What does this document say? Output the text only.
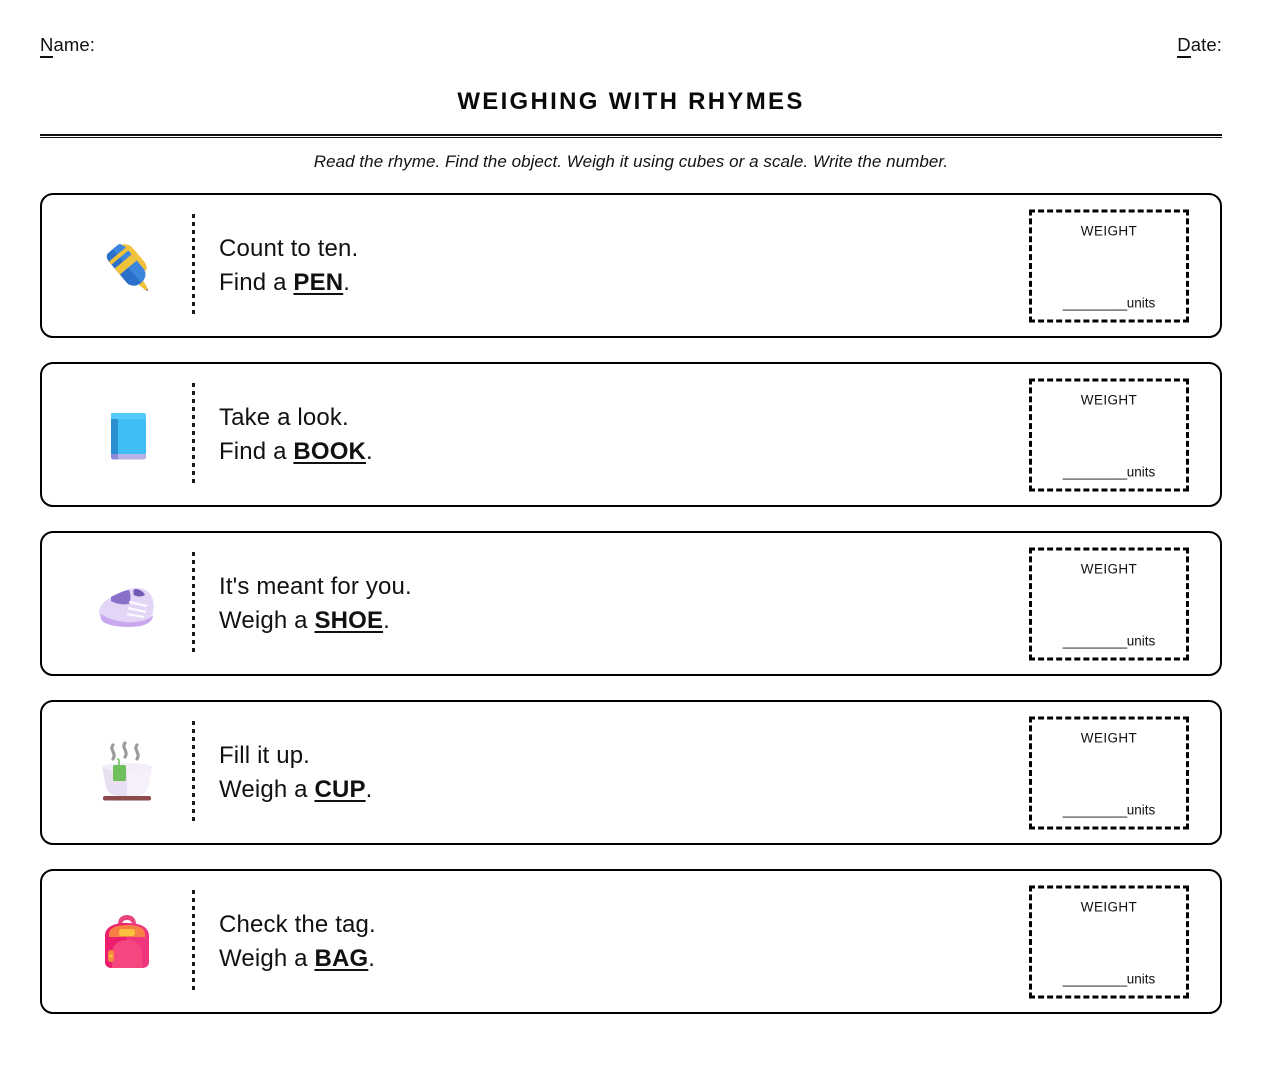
Name:	Date:
WEIGHING WITH RHYMES
Read the rhyme. Find the object. Weigh it using cubes or a scale. Write the number.
Count to ten.
Find a PEN.
WEIGHT
_________units
Take a look.
Find a BOOK.
WEIGHT
_________units
It's meant for you.
Weigh a SHOE.
WEIGHT
_________units
Fill it up.
Weigh a CUP.
WEIGHT
_________units
Check the tag.
Weigh a BAG.
WEIGHT
_________units
